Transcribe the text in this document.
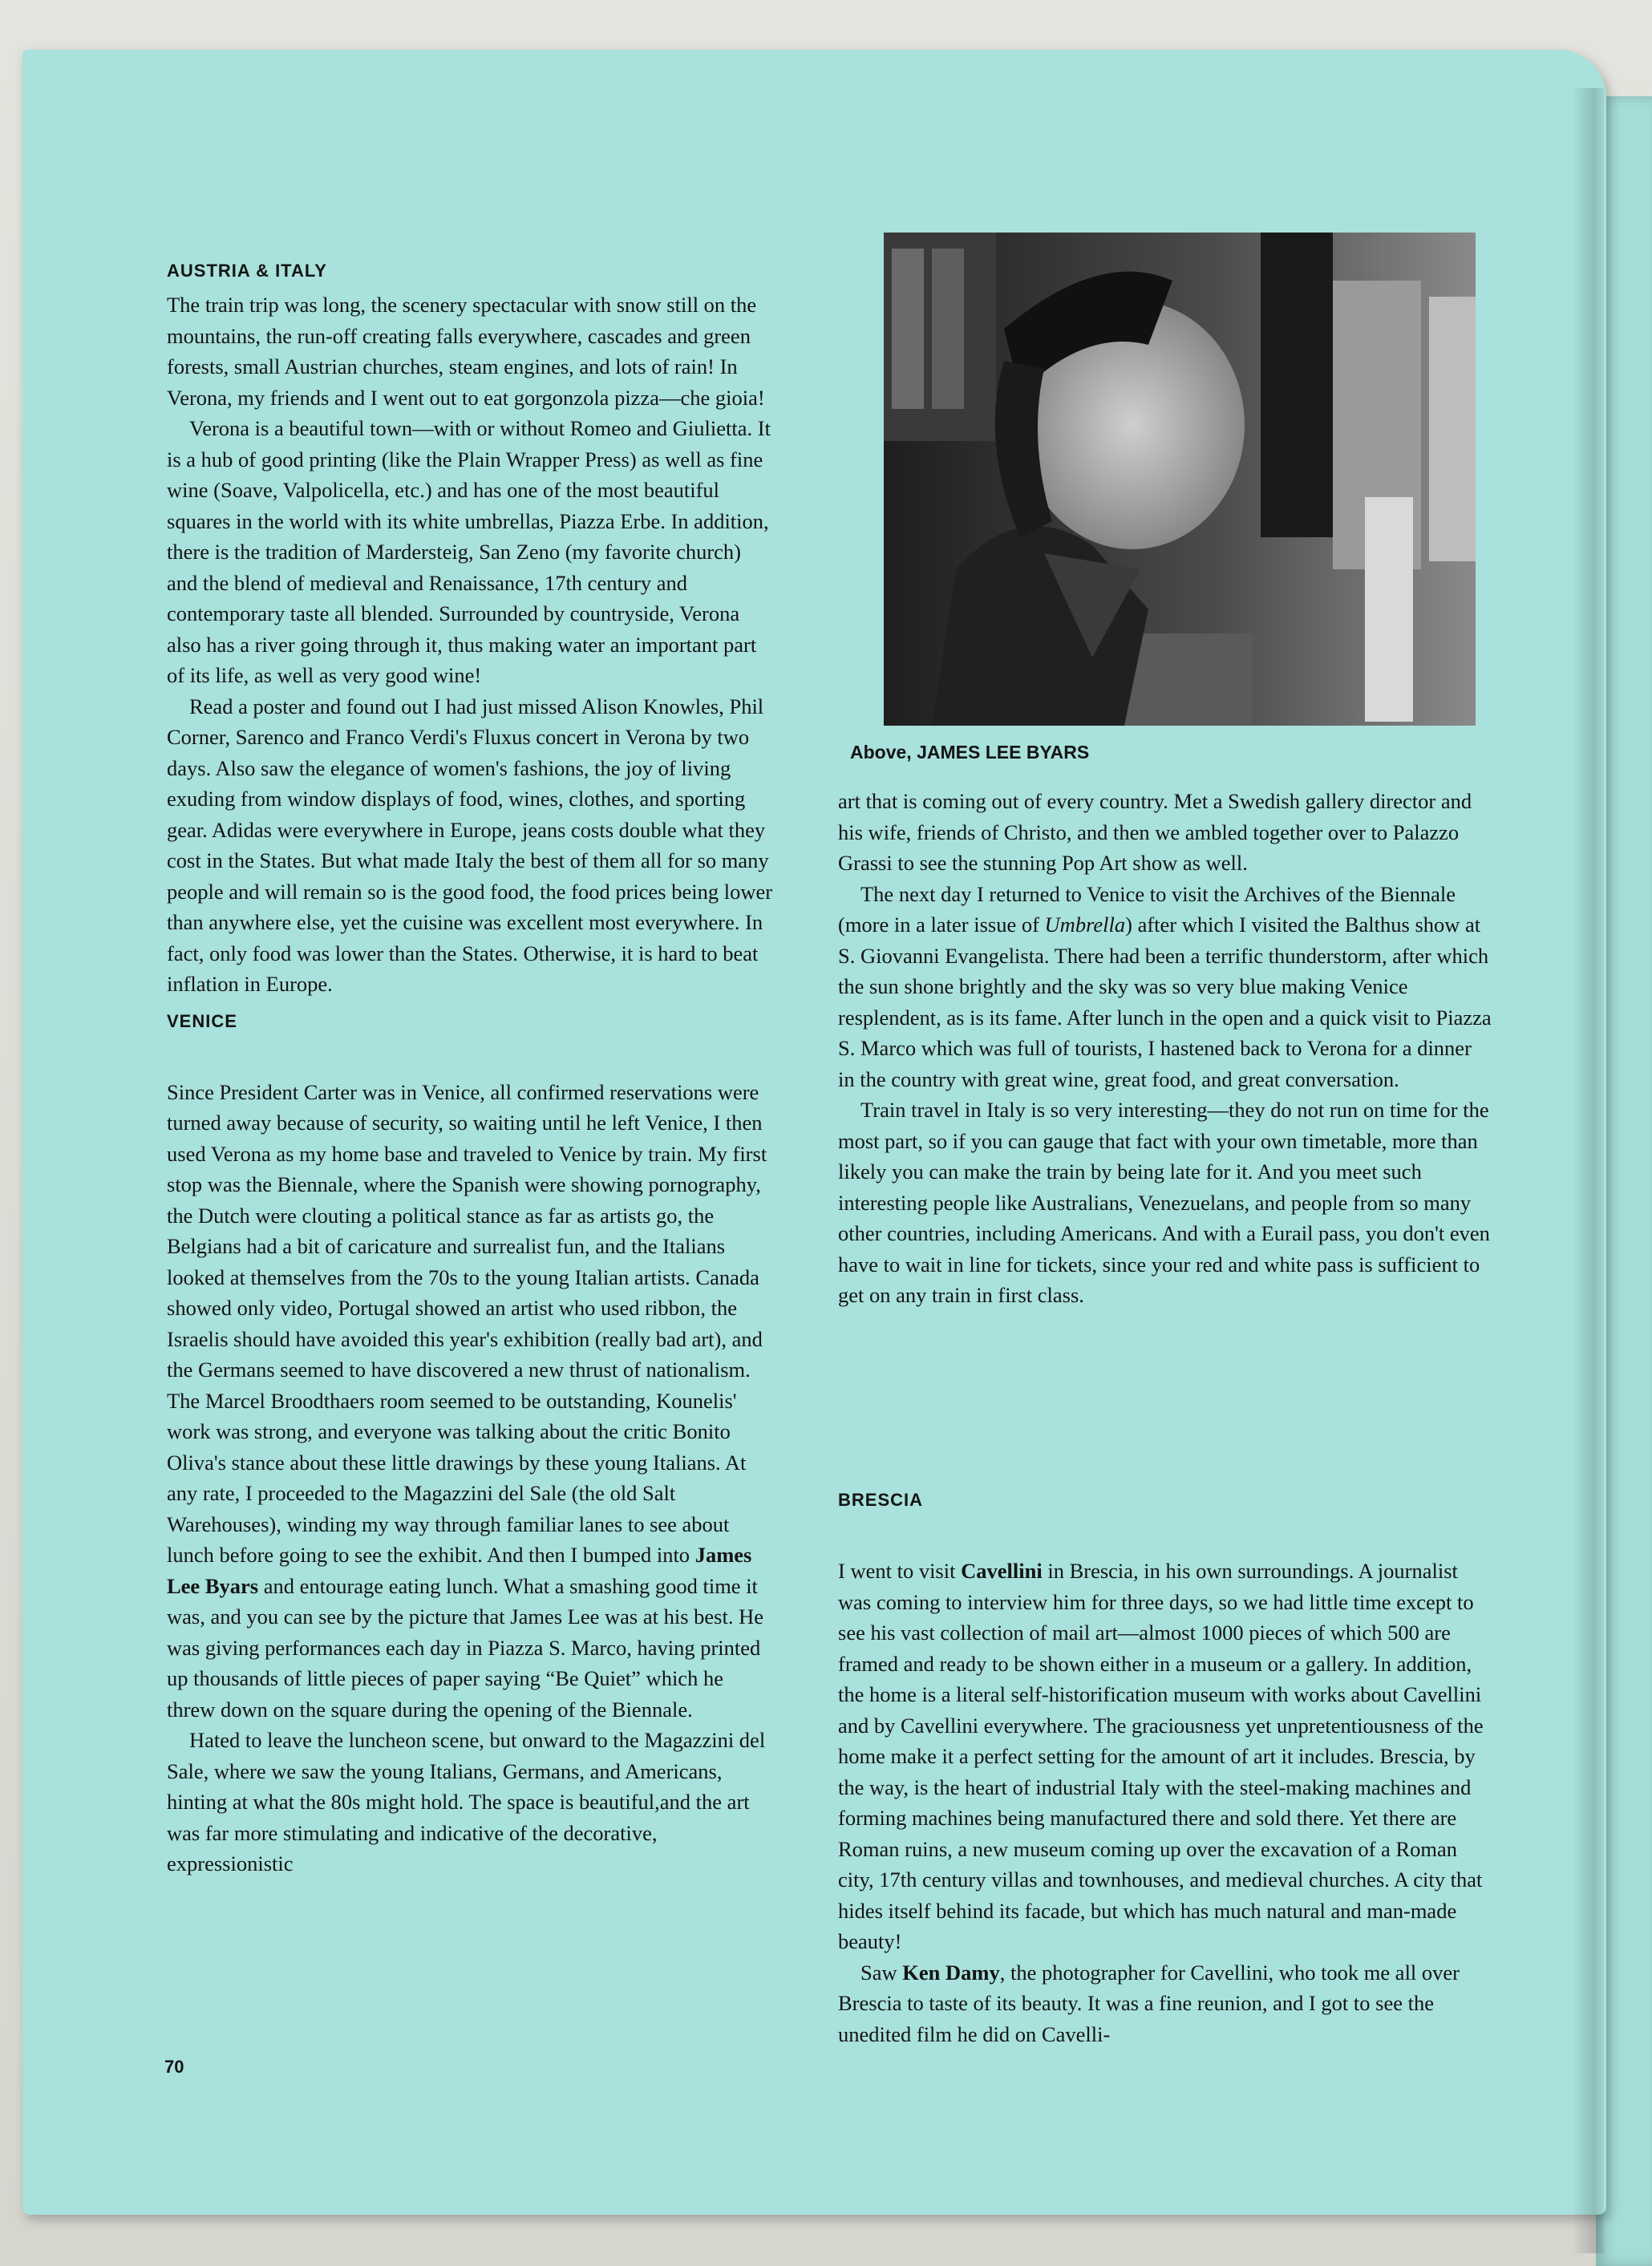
AUSTRIA & ITALY

The train trip was long, the scenery spectacular with snow still on the mountains, the run-off creating falls everywhere, cascades and green forests, small Austrian churches, steam engines, and lots of rain! In Verona, my friends and I went out to eat gorgonzola pizza—che gioia!

Verona is a beautiful town—with or without Romeo and Giulietta. It is a hub of good printing (like the Plain Wrapper Press) as well as fine wine (Soave, Valpolicella, etc.) and has one of the most beautiful squares in the world with its white umbrellas, Piazza Erbe. In addition, there is the tradition of Mardersteig, San Zeno (my favorite church) and the blend of medieval and Renaissance, 17th century and contemporary taste all blended. Surrounded by countryside, Verona also has a river going through it, thus making water an important part of its life, as well as very good wine!

Read a poster and found out I had just missed Alison Knowles, Phil Corner, Sarenco and Franco Verdi's Fluxus concert in Verona by two days. Also saw the elegance of women's fashions, the joy of living exuding from window displays of food, wines, clothes, and sporting gear. Adidas were everywhere in Europe, jeans costs double what they cost in the States. But what made Italy the best of them all for so many people and will remain so is the good food, the food prices being lower than anywhere else, yet the cuisine was excellent most everywhere. In fact, only food was lower than the States. Otherwise, it is hard to beat inflation in Europe.

VENICE

Since President Carter was in Venice, all confirmed reservations were turned away because of security, so waiting until he left Venice, I then used Verona as my home base and traveled to Venice by train. My first stop was the Biennale, where the Spanish were showing pornography, the Dutch were clouting a political stance as far as artists go, the Belgians had a bit of caricature and surrealist fun, and the Italians looked at themselves from the 70s to the young Italian artists. Canada showed only video, Portugal showed an artist who used ribbon, the Israelis should have avoided this year's exhibition (really bad art), and the Germans seemed to have discovered a new thrust of nationalism. The Marcel Broodthaers room seemed to be outstanding, Kounelis' work was strong, and everyone was talking about the critic Bonito Oliva's stance about these little drawings by these young Italians. At any rate, I proceeded to the Magazzini del Sale (the old Salt Warehouses), winding my way through familiar lanes to see about lunch before going to see the exhibit. And then I bumped into James Lee Byars and entourage eating lunch. What a smashing good time it was, and you can see by the picture that James Lee was at his best. He was giving performances each day in Piazza S. Marco, having printed up thousands of little pieces of paper saying “Be Quiet” which he threw down on the square during the opening of the Biennale.

Hated to leave the luncheon scene, but onward to the Magazzini del Sale, where we saw the young Italians, Germans, and Americans, hinting at what the 80s might hold. The space is beautiful,and the art was far more stimulating and indicative of the decorative, expressionistic

Above, JAMES LEE BYARS

art that is coming out of every country. Met a Swedish gallery director and his wife, friends of Christo, and then we ambled together over to Palazzo Grassi to see the stunning Pop Art show as well.

The next day I returned to Venice to visit the Archives of the Biennale (more in a later issue of Umbrella) after which I visited the Balthus show at S. Giovanni Evangelista. There had been a terrific thunderstorm, after which the sun shone brightly and the sky was so very blue making Venice resplendent, as is its fame. After lunch in the open and a quick visit to Piazza S. Marco which was full of tourists, I hastened back to Verona for a dinner in the country with great wine, great food, and great conversation.

Train travel in Italy is so very interesting—they do not run on time for the most part, so if you can gauge that fact with your own timetable, more than likely you can make the train by being late for it. And you meet such interesting people like Australians, Venezuelans, and people from so many other countries, including Americans. And with a Eurail pass, you don't even have to wait in line for tickets, since your red and white pass is sufficient to get on any train in first class.

BRESCIA

I went to visit Cavellini in Brescia, in his own surroundings. A journalist was coming to interview him for three days, so we had little time except to see his vast collection of mail art—almost 1000 pieces of which 500 are framed and ready to be shown either in a museum or a gallery. In addition, the home is a literal self-historification museum with works about Cavellini and by Cavellini everywhere. The graciousness yet unpretentiousness of the home make it a perfect setting for the amount of art it includes. Brescia, by the way, is the heart of industrial Italy with the steel-making machines and forming machines being manufactured there and sold there. Yet there are Roman ruins, a new museum coming up over the excavation of a Roman city, 17th century villas and townhouses, and medieval churches. A city that hides itself behind its facade, but which has much natural and man-made beauty!

Saw Ken Damy, the photographer for Cavellini, who took me all over Brescia to taste of its beauty. It was a fine reunion, and I got to see the unedited film he did on Cavelli-

70
